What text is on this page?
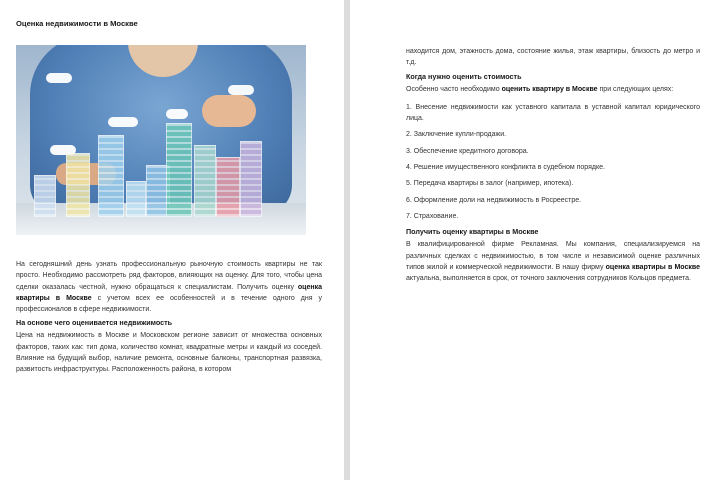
Оценка недвижимости в Москве

На сегодняшний день узнать профессиональную рыночную стоимость квартиры не так просто. Необходимо рассмотреть ряд факторов, влияющих на оценку. Для того, чтобы цена сделки оказалась честной, нужно обращаться к специалистам. Получить оценку оценка квартиры в Москве с учетом всех ее особенностей и в течение одного дня у профессионалов в сфере недвижимости.

На основе чего оценивается недвижимость

Цена на недвижимость в Москве и Московском регионе зависит от множества основных факторов, таких как: тип дома, количество комнат, квадратные метры и каждый из соседей. Влияние на будущий выбор, наличие ремонта, основные балконы, транспортная развязка, развитость инфраструктуры. Расположенность района, в котором

находится дом, этажность дома, состояние жилья, этаж квартиры, близость до метро и т.д.

Когда нужно оценить стоимость

Особенно часто необходимо оценить квартиру в Москве при следующих целях:

1. Внесение недвижимости как уставного капитала в уставной капитал юридического лица.
2. Заключение купли-продажи.
3. Обеспечение кредитного договора.
4. Решение имущественного конфликта в судебном порядке.
5. Передача квартиры в залог (например, ипотека).
6. Оформление доли на недвижимость в Росреестре.
7. Страхование.
Получить оценку квартиры в Москве

В квалифицированной фирме Рекламная. Мы компания, специализируемся на различных сделках с недвижимостью, в том числе и независимой оценке различных типов жилой и коммерческой недвижимости. В нашу фирму оценка квартиры в Москве актуальна, выполняется в срок, от точного заключения сотрудников Кольцов предмета.
